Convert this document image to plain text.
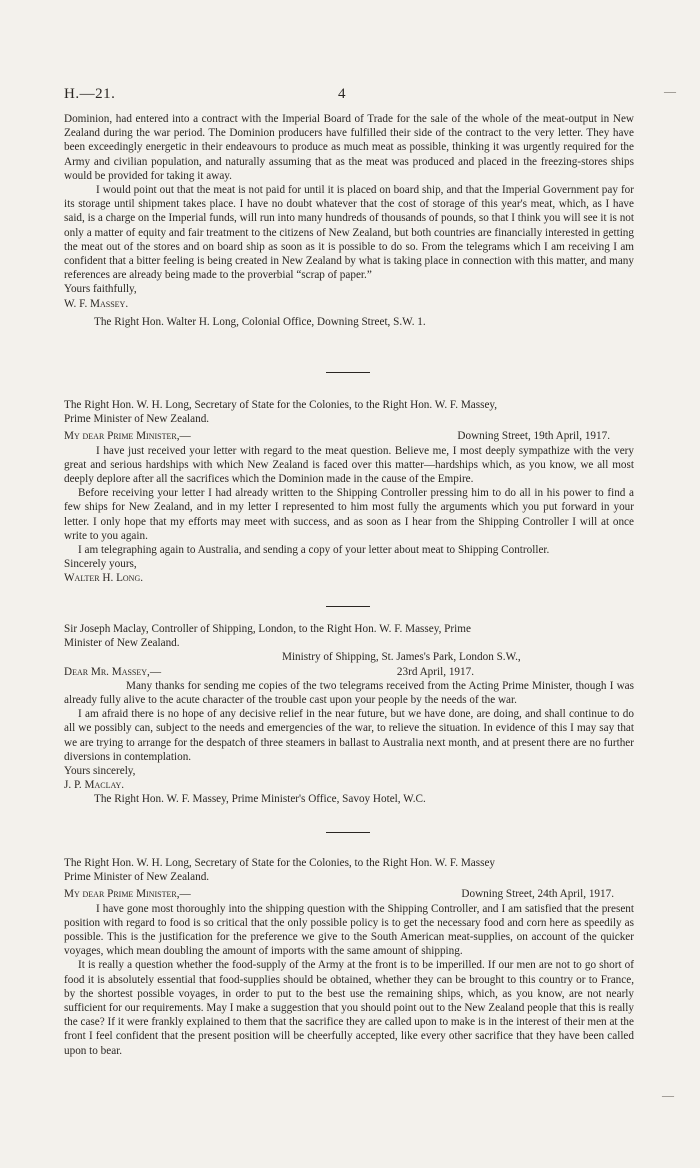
H.—21.	4

Dominion, had entered into a contract with the Imperial Board of Trade for the sale of the whole of the meat-output in New Zealand during the war period. The Dominion producers have fulfilled their side of the contract to the very letter. They have been exceedingly energetic in their endeavours to produce as much meat as possible, thinking it was urgently required for the Army and civilian population, and naturally assuming that as the meat was produced and placed in the freezing-stores ships would be provided for taking it away.

I would point out that the meat is not paid for until it is placed on board ship, and that the Imperial Government pay for its storage until shipment takes place. I have no doubt whatever that the cost of storage of this year's meat, which, as I have said, is a charge on the Imperial funds, will run into many hundreds of thousands of pounds, so that I think you will see it is not only a matter of equity and fair treatment to the citizens of New Zealand, but both countries are financially interested in getting the meat out of the stores and on board ship as soon as it is possible to do so. From the telegrams which I am receiving I am confident that a bitter feeling is being created in New Zealand by what is taking place in connection with this matter, and many references are already being made to the proverbial “scrap of paper.”

Yours faithfully,

W. F. Massey.

The Right Hon. Walter H. Long, Colonial Office, Downing Street, S.W. 1.

The Right Hon. W. H. Long, Secretary of State for the Colonies, to the Right Hon. W. F. Massey,

Prime Minister of New Zealand.

My dear Prime Minister,—	Downing Street, 19th April, 1917.

I have just received your letter with regard to the meat question. Believe me, I most deeply sympathize with the very great and serious hardships with which New Zealand is faced over this matter—hardships which, as you know, we all most deeply deplore after all the sacrifices which the Dominion made in the cause of the Empire.

Before receiving your letter I had already written to the Shipping Controller pressing him to do all in his power to find a few ships for New Zealand, and in my letter I represented to him most fully the arguments which you put forward in your letter. I only hope that my efforts may meet with success, and as soon as I hear from the Shipping Controller I will at once write to you again.

I am telegraphing again to Australia, and sending a copy of your letter about meat to Shipping Controller.

Sincerely yours,

Walter H. Long.

Sir Joseph Maclay, Controller of Shipping, London, to the Right Hon. W. F. Massey, Prime

Minister of New Zealand.

Ministry of Shipping, St. James's Park, London S.W.,

Dear Mr. Massey,—	23rd April, 1917.

Many thanks for sending me copies of the two telegrams received from the Acting Prime Minister, though I was already fully alive to the acute character of the trouble cast upon your people by the needs of the war.

I am afraid there is no hope of any decisive relief in the near future, but we have done, are doing, and shall continue to do all we possibly can, subject to the needs and emergencies of the war, to relieve the situation. In evidence of this I may say that we are trying to arrange for the despatch of three steamers in ballast to Australia next month, and at present there are no further diversions in contemplation.

Yours sincerely,

J. P. Maclay.

The Right Hon. W. F. Massey, Prime Minister's Office, Savoy Hotel, W.C.

The Right Hon. W. H. Long, Secretary of State for the Colonies, to the Right Hon. W. F. Massey

Prime Minister of New Zealand.

My dear Prime Minister,—	Downing Street, 24th April, 1917.

I have gone most thoroughly into the shipping question with the Shipping Controller, and I am satisfied that the present position with regard to food is so critical that the only possible policy is to get the necessary food and corn here as speedily as possible. This is the justification for the preference we give to the South American meat-supplies, on account of the quicker voyages, which mean doubling the amount of imports with the same amount of shipping.

It is really a question whether the food-supply of the Army at the front is to be imperilled. If our men are not to go short of food it is absolutely essential that food-supplies should be obtained, whether they can be brought to this country or to France, by the shortest possible voyages, in order to put to the best use the remaining ships, which, as you know, are not nearly sufficient for our requirements. May I make a suggestion that you should point out to the New Zealand people that this is really the case? If it were frankly explained to them that the sacrifice they are called upon to make is in the interest of their men at the front I feel confident that the present position will be cheerfully accepted, like every other sacrifice that they have been called upon to bear.

—
—
